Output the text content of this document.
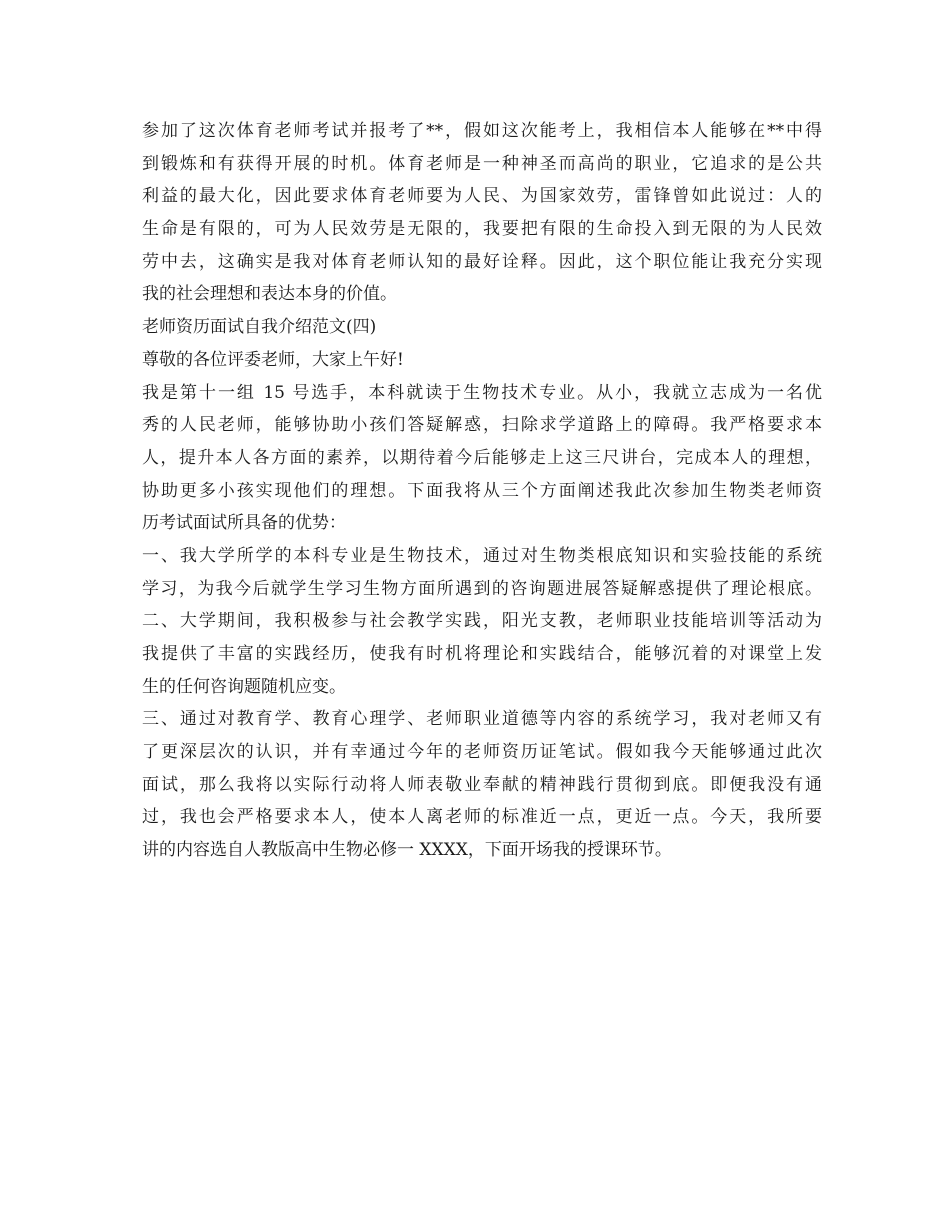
参加了这次体育老师考试并报考了**，假如这次能考上，我相信本人能够在**中得
到锻炼和有获得开展的时机。体育老师是一种神圣而高尚的职业，它追求的是公共
利益的最大化，因此要求体育老师要为人民、为国家效劳，雷锋曾如此说过：人的
生命是有限的，可为人民效劳是无限的，我要把有限的生命投入到无限的为人民效
劳中去，这确实是我对体育老师认知的最好诠释。因此，这个职位能让我充分实现
我的社会理想和表达本身的价值。
老师资历面试自我介绍范文(四)
尊敬的各位评委老师，大家上午好!
我是第十一组 15 号选手，本科就读于生物技术专业。从小，我就立志成为一名优
秀的人民老师，能够协助小孩们答疑解惑，扫除求学道路上的障碍。我严格要求本
人，提升本人各方面的素养，以期待着今后能够走上这三尺讲台，完成本人的理想，
协助更多小孩实现他们的理想。下面我将从三个方面阐述我此次参加生物类老师资
历考试面试所具备的优势：
一、我大学所学的本科专业是生物技术，通过对生物类根底知识和实验技能的系统
学习，为我今后就学生学习生物方面所遇到的咨询题进展答疑解惑提供了理论根底。
二、大学期间，我积极参与社会教学实践，阳光支教，老师职业技能培训等活动为
我提供了丰富的实践经历，使我有时机将理论和实践结合，能够沉着的对课堂上发
生的任何咨询题随机应变。
三、通过对教育学、教育心理学、老师职业道德等内容的系统学习，我对老师又有
了更深层次的认识，并有幸通过今年的老师资历证笔试。假如我今天能够通过此次
面试，那么我将以实际行动将人师表敬业奉献的精神践行贯彻到底。即便我没有通
过，我也会严格要求本人，使本人离老师的标准近一点，更近一点。今天，我所要
讲的内容选自人教版高中生物必修一 XXXX，下面开场我的授课环节。
